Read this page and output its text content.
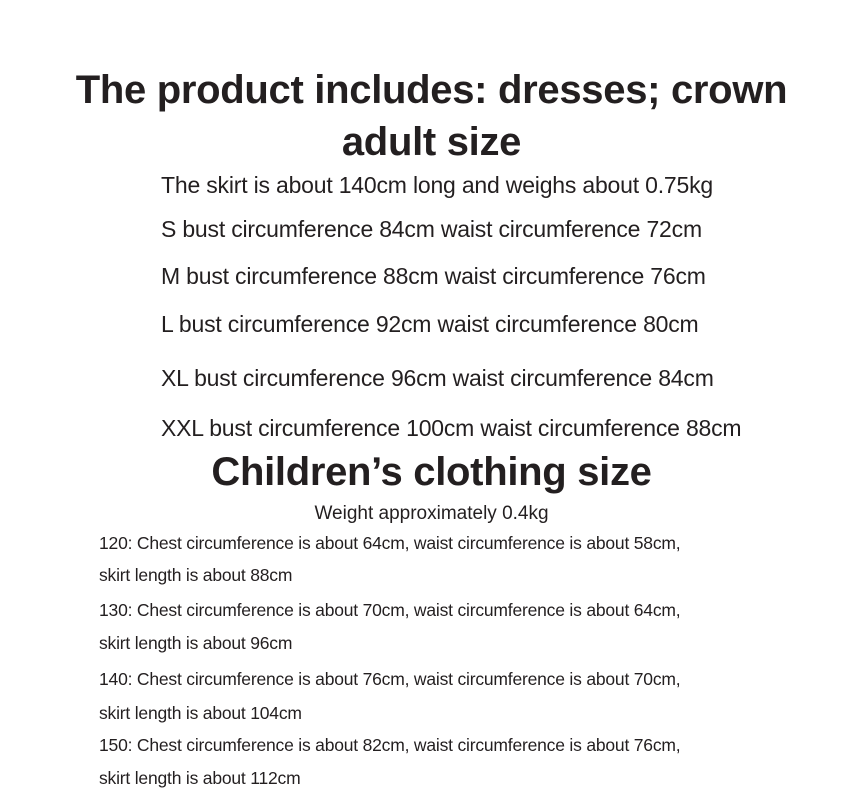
The product includes: dresses; crown
adult size

The skirt is about 140cm long and weighs about 0.75kg

S bust circumference 84cm waist circumference 72cm

M bust circumference 88cm waist circumference 76cm

L bust circumference 92cm waist circumference 80cm

XL bust circumference 96cm waist circumference 84cm

XXL bust circumference 100cm waist circumference 88cm

Children’s clothing size

Weight approximately 0.4kg

120: Chest circumference is about 64cm, waist circumference is about 58cm,

skirt length is about 88cm

130: Chest circumference is about 70cm, waist circumference is about 64cm,

skirt length is about 96cm

140: Chest circumference is about 76cm, waist circumference is about 70cm,

skirt length is about 104cm

150: Chest circumference is about 82cm, waist circumference is about 76cm,

skirt length is about 112cm
